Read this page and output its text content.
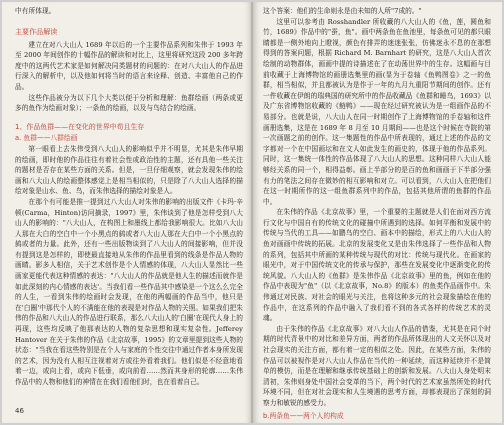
中有所体现。

主要作品解读

建立在对八大山人 1689 年以后的一个主要作品系列和朱伟于 1993 年至 2000 年间创作的十幅作品的解读和对比上，这里将研究这段 200 多年跨度中的这两代艺术家是如何解决同类题材的问题的：在对八大山人的作品进行深入的解析中，以及他如何将当时的语言来诠释、创造、丰富他自己的作品。

这些作品被分为以下几个大类以便于分析和理解：鱼群绘画（两条或更多的鱼作为绘画对象）；一条鱼的绘画，以及与鸟结合的绘画。

1、作品鱼群——在变化的世界中苟且生存

a. 鱼群——八群绘画

第一眼看上去朱伟受到八大山人的影响似乎并不明显，尤其是朱伟早期的绘画，即时他的作品往往有着社会性或政治性的主题，还有具他一些关注的题材是否存在某些方面的关系。但是，一旦仔细观察，就会发现朱伟的绘画和八大山人的绘画整体感觉上是相当相似的，只是除了八大山人选择的描绘对象是山水、鱼、鸟，而朱伟选择的描绘对象是人。

在那个有可能是推一提到过八大山人对朱伟的影响的出版文件《卡玛·辛顿(Carma，Hinton)访问摘录，1997》里，朱伟谈到了他是怎样受到八大山人的影响的："八大山人，在构图上和墨线上都给我影响很大。比如八大山人那在大白的空白中一个小黑点的鸫或者八大山人那在大白中一个小黑点的鸫或者的力量。此外，还有一些出版物谈到了八大山人的间接影响，但并没有提到这是怎样的，即使最直接地从朱伟的作品里看到的线条是作品人物的画睛。影多人相信，关于艺术创作是个人情感的体现，八大山人显然比一些画家更能代表这种情感的表达："八大山人的作品就是他人生的描述而就作是如此深刻的内心情感的表达'。当我们看一些作品其中感染是一个这么么完全的人生，一看到朱伟的绘画时会发现，在他的两幅画的作品当中，他只是在'白圈'中那代个人的不满能在他的表现是对作品人物的关照。如果我们把朱伟的作品和八大山人的作品进行联系，那么八大山人的'白圈'在现代人身上的再现，这些均反映了他那表达的人物的复杂思想和现实复杂性。Jefferey Hantover 在关于朱伟的作品《北京故事，1995》的文章里提到这些人物的状态："当我在看这些特别是在个人与家庭的个性交往中通过作者本身所发现的艺术，因为没有人相互注视着对方或往外看着我们。他们似是不经意地看着一边，或向上看，或向下低垂，或向前看……然而其身形的轮廓……朱伟作品中的人物和他们的神情在在我们看他们时，也在看着自己。

46

这个答案：他们的生命则永是由未知的人所"7成的。"

这里可以参考由 Rosshandler 所收藏的八大山人的《鱼，莲，圆鱼和竹，1689》作品中的"蚕，鱼"。画中两条鱼在鱼池里，每条鱼可见的都只眼睛都是一侧外地向上瞪视，颜色有排弄的迷迷张张，仿佛迷永不息的在那想得到的答案问题，根据 Richard M. Barnhart 的研究，这是八大山人首次绘制的动物群体，画画中提的诗描述在了在动荡世界中的生存。这幅画与目前收藏于上海博物馆的画册选集里的画(显为于卷轴《鱼鸭图卷》之一的鱼群，相当相似，并且都被认为是作于一年的九月九重阳节期间的创作。还有一件收藏在伊朗的瑞典国的研究所中的作品收藏品《鱼群和睡鸟，1693》以及广东省博物馆收藏的《鲢鸭》——现在经过研究被认为是一组画作品的不易部分。也就是说，八大山人在同一时期创作了上海博物馆的手卷轴和这件画册选集，这是在 1689 年 8 月至 10 月期间——也是这个时候在寺院的第一次画题之前的创作。这一集题性的作品中所表现的，通过上述的作品的文字都对一个在中国画坛和在文人如此发生的画史的，体现于他的作品系列。同时，这一集统一体性的作品体现了八大山人的思想。这种同样八大山人能够经关系的同一个，相得益彰。画上半部分的是百的鱼和画画于下半部分强有力的笔法之间存在微妙的相互影响和对立。可以看到，八大山人在把他们在这一时期所作的这一组鱼群系列中的作品，包括其他所谓的鱼群的作品中。

在朱伟的作品《北京故事》里，一个重要的主题就是人们在面对西方流行文化与中国自有的传统文化的碰撞中所遇到的选择。如何平衡和发展中的传统与当代的工具——如鹏鸟的空白、画本中的描绘，形式上的八大山人的鱼对画画中传统的拓展。北京的发展变化又是由朱伟选择了一些作品和人物的系列，包括其中所画的某种传统与现代的对比：传统与现代化。在画家的眼光中，对于中国传统文化的传承与保护，那些在发展变化中逐渐变化的传统风貌。八大山人的《鱼群》是朱伟作品《北京故事》里的鱼，例如在他的作品中表现为"鱼"（以《北京故事，No.8》的版本）的鱼类作品画作中。朱伟通过对民族、对社会的眼光与关注，也将这种多元的社会现象描绘在他的作品中，在这系列的作品中融入了我们看不到的各式各样的传统艺术的灵魂。

由于朱伟的作品《北京故事》对八大山人作品的借鉴，尤其是在同个时期的时代背景中的对比和差异方面，两者的作品所体现出的人文关怀以及对社会现实的关注方面，都有着一定的相似之处。因此，在某些方面，朱伟的作品可以被视作是对八大山人作品在当代的一种延续，而这种延续并不是简单的模仿，而是在理解和继承传统基础上的创新和发展。八大山人身处明末清初，朱伟则身处中国社会变革的当下，两个时代的艺术家虽然所处的时代环境不同，但在对社会现实和人生境遇的思考方面，却都表现出了深刻的洞察力和敏锐的感受力。

b.两条鱼——两个人的构成
